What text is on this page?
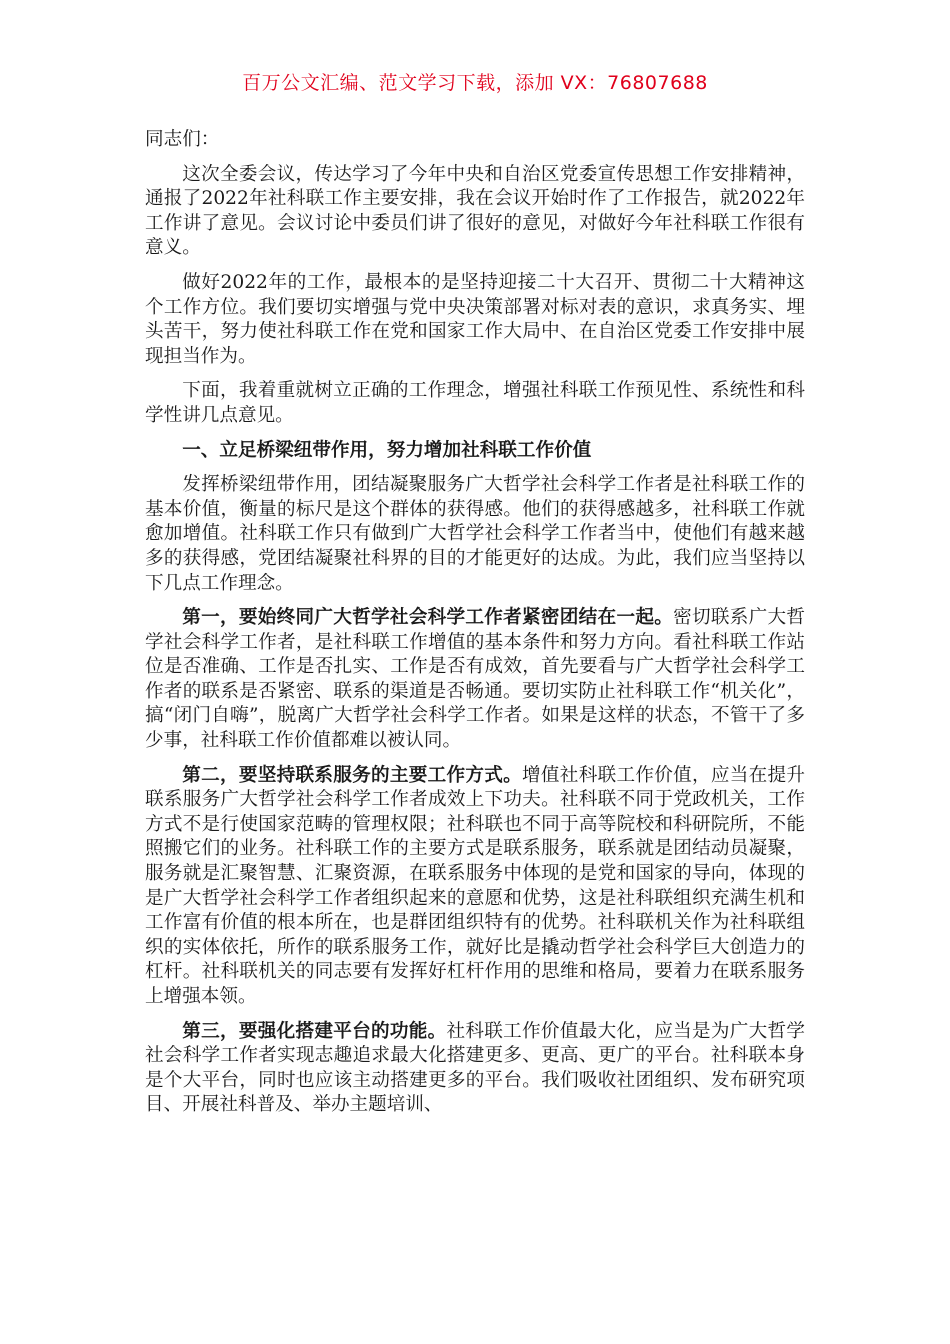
百万公文汇编、范文学习下载，添加 VX：76807688

同志们：

这次全委会议，传达学习了今年中央和自治区党委宣传思想工作安排精神，通报了2022年社科联工作主要安排，我在会议开始时作了工作报告，就2022年工作讲了意见。会议讨论中委员们讲了很好的意见，对做好今年社科联工作很有意义。

做好2022年的工作，最根本的是坚持迎接二十大召开、贯彻二十大精神这个工作方位。我们要切实增强与党中央决策部署对标对表的意识，求真务实、埋头苦干，努力使社科联工作在党和国家工作大局中、在自治区党委工作安排中展现担当作为。

下面，我着重就树立正确的工作理念，增强社科联工作预见性、系统性和科学性讲几点意见。

一、立足桥梁纽带作用，努力增加社科联工作价值

发挥桥梁纽带作用，团结凝聚服务广大哲学社会科学工作者是社科联工作的基本价值，衡量的标尺是这个群体的获得感。他们的获得感越多，社科联工作就愈加增值。社科联工作只有做到广大哲学社会科学工作者当中，使他们有越来越多的获得感，党团结凝聚社科界的目的才能更好的达成。为此，我们应当坚持以下几点工作理念。

第一，要始终同广大哲学社会科学工作者紧密团结在一起。密切联系广大哲学社会科学工作者，是社科联工作增值的基本条件和努力方向。看社科联工作站位是否准确、工作是否扎实、工作是否有成效，首先要看与广大哲学社会科学工作者的联系是否紧密、联系的渠道是否畅通。要切实防止社科联工作“机关化”，搞“闭门自嗨”，脱离广大哲学社会科学工作者。如果是这样的状态，不管干了多少事，社科联工作价值都难以被认同。

第二，要坚持联系服务的主要工作方式。增值社科联工作价值，应当在提升联系服务广大哲学社会科学工作者成效上下功夫。社科联不同于党政机关，工作方式不是行使国家范畴的管理权限；社科联也不同于高等院校和科研院所，不能照搬它们的业务。社科联工作的主要方式是联系服务，联系就是团结动员凝聚，服务就是汇聚智慧、汇聚资源，在联系服务中体现的是党和国家的导向，体现的是广大哲学社会科学工作者组织起来的意愿和优势，这是社科联组织充满生机和工作富有价值的根本所在，也是群团组织特有的优势。社科联机关作为社科联组织的实体依托，所作的联系服务工作，就好比是撬动哲学社会科学巨大创造力的杠杆。社科联机关的同志要有发挥好杠杆作用的思维和格局，要着力在联系服务上增强本领。

第三，要强化搭建平台的功能。社科联工作价值最大化，应当是为广大哲学社会科学工作者实现志趣追求最大化搭建更多、更高、更广的平台。社科联本身是个大平台，同时也应该主动搭建更多的平台。我们吸收社团组织、发布研究项目、开展社科普及、举办主题培训、
